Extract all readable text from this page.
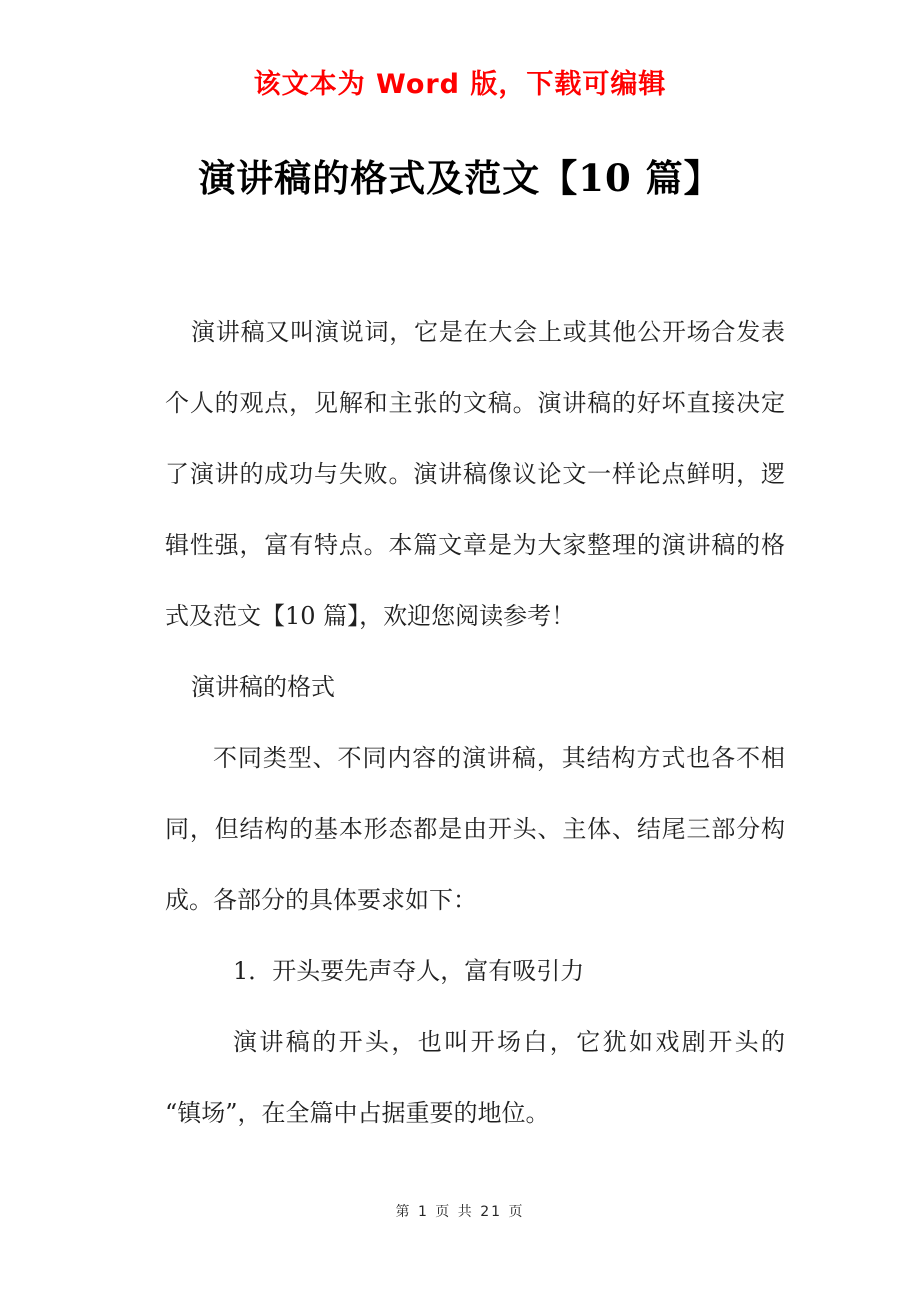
该文本为 Word 版，下载可编辑
演讲稿的格式及范文【10 篇】
演讲稿又叫演说词，它是在大会上或其他公开场合发表
个人的观点，见解和主张的文稿。演讲稿的好坏直接决定
了演讲的成功与失败。演讲稿像议论文一样论点鲜明，逻
辑性强，富有特点。本篇文章是为大家整理的演讲稿的格
式及范文【10 篇】，欢迎您阅读参考！
演讲稿的格式
不同类型、不同内容的演讲稿，其结构方式也各不相
同，但结构的基本形态都是由开头、主体、结尾三部分构
成。各部分的具体要求如下：
1．开头要先声夺人，富有吸引力
演讲稿的开头，也叫开场白，它犹如戏剧开头的
“镇场”，在全篇中占据重要的地位。
第 1 页 共 21 页
